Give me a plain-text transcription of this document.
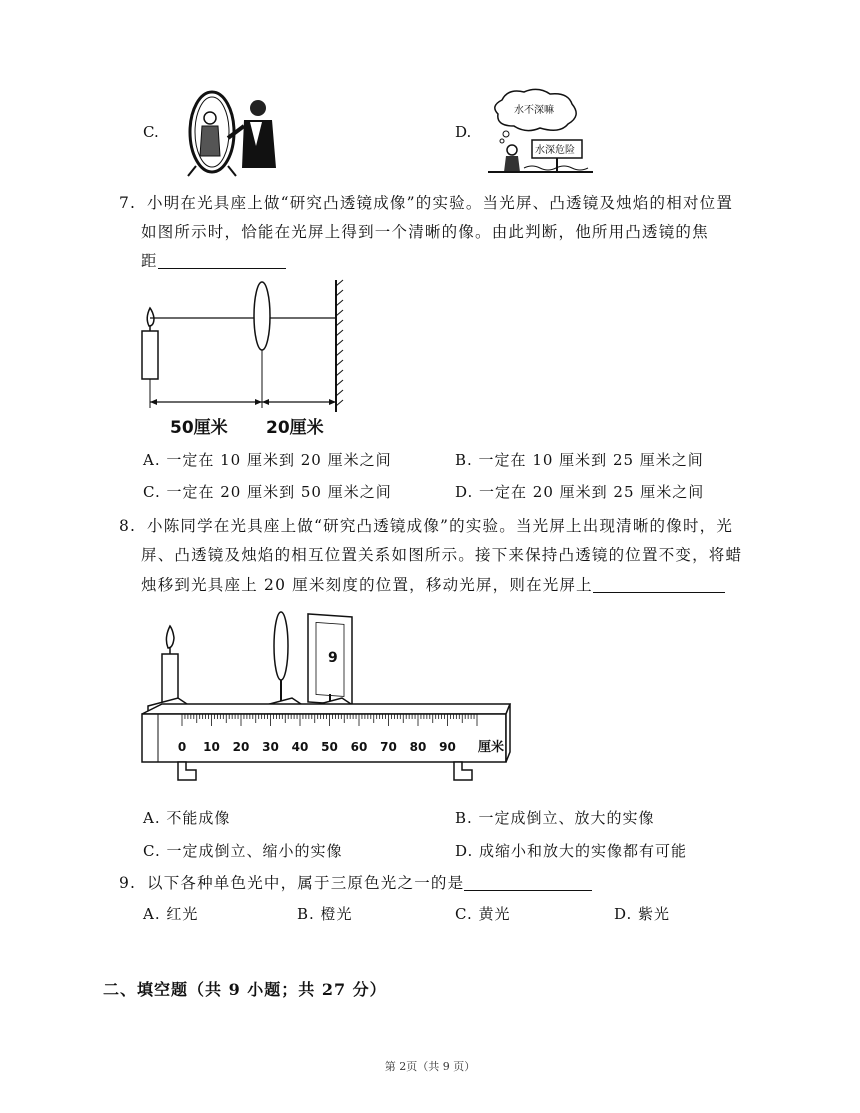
C.	D.
水不深嘛
水深危险
7. 小明在光具座上做“研究凸透镜成像”的实验。当光屏、凸透镜及烛焰的相对位置
如图所示时，恰能在光屏上得到一个清晰的像。由此判断，他所用凸透镜的焦
距
50厘米 20厘米
A. 一定在 10 厘米到 20 厘米之间	B. 一定在 10 厘米到 25 厘米之间
C. 一定在 20 厘米到 50 厘米之间	D. 一定在 20 厘米到 25 厘米之间
8. 小陈同学在光具座上做“研究凸透镜成像”的实验。当光屏上出现清晰的像时，光
屏、凸透镜及烛焰的相互位置关系如图所示。接下来保持凸透镜的位置不变，将蜡
烛移到光具座上 20 厘米刻度的位置，移动光屏，则在光屏上
9
0 10 20 30 40 50 60 70 80 90 厘米
A. 不能成像	B. 一定成倒立、放大的实像
C. 一定成倒立、缩小的实像	D. 成缩小和放大的实像都有可能
9. 以下各种单色光中，属于三原色光之一的是
A. 红光	B. 橙光	C. 黄光	D. 紫光
二、填空题（共 9 小题；共 27 分）
第 2页（共 9 页）
